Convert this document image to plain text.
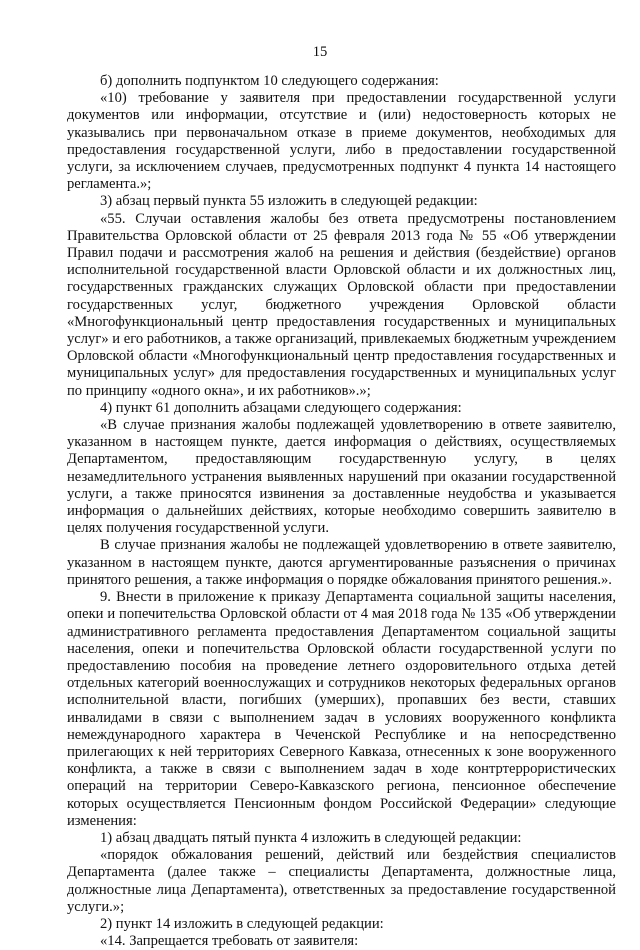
15

б) дополнить подпунктом 10 следующего содержания:

«10) требование у заявителя при предоставлении государственной услуги документов или информации, отсутствие и (или) недостоверность которых не указывались при первоначальном отказе в приеме документов, необходимых для предоставления государственной услуги, либо в предоставлении государственной услуги, за исключением случаев, предусмотренных подпункт 4 пункта 14 настоящего регламента.»;

3) абзац первый пункта 55 изложить в следующей редакции:

«55. Случаи оставления жалобы без ответа предусмотрены постановлением Правительства Орловской области от 25 февраля 2013 года № 55 «Об утверждении Правил подачи и рассмотрения жалоб на решения и действия (бездействие) органов исполнительной государственной власти Орловской области и их должностных лиц, государственных гражданских служащих Орловской области при предоставлении государственных услуг, бюджетного учреждения Орловской области «Многофункциональный центр предоставления государственных и муниципальных услуг» и его работников, а также организаций, привлекаемых бюджетным учреждением Орловской области «Многофункциональный центр предоставления государственных и муниципальных услуг» для предоставления государственных и муниципальных услуг по принципу «одного окна», и их работников».»;

4) пункт 61 дополнить абзацами следующего содержания:

«В случае признания жалобы подлежащей удовлетворению в ответе заявителю, указанном в настоящем пункте, дается информация о действиях, осуществляемых Департаментом, предоставляющим государственную услугу, в целях незамедлительного устранения выявленных нарушений при оказании государственной услуги, а также приносятся извинения за доставленные неудобства и указывается информация о дальнейших действиях, которые необходимо совершить заявителю в целях получения государственной услуги.

В случае признания жалобы не подлежащей удовлетворению в ответе заявителю, указанном в настоящем пункте, даются аргументированные разъяснения о причинах принятого решения, а также информация о порядке обжалования принятого решения.».

9. Внести в приложение к приказу Департамента социальной защиты населения, опеки и попечительства Орловской области от 4 мая 2018 года № 135 «Об утверждении административного регламента предоставления Департаментом социальной защиты населения, опеки и попечительства Орловской области государственной услуги по предоставлению пособия на проведение летнего оздоровительного отдыха детей отдельных категорий военнослужащих и сотрудников некоторых федеральных органов исполнительной власти, погибших (умерших), пропавших без вести, ставших инвалидами в связи с выполнением задач в условиях вооруженного конфликта немеждународного характера в Чеченской Республике и на непосредственно прилегающих к ней территориях Северного Кавказа, отнесенных к зоне вооруженного конфликта, а также в связи с выполнением задач в ходе контртеррористических операций на территории Северо-Кавказского региона, пенсионное обеспечение которых осуществляется Пенсионным фондом Российской Федерации» следующие изменения:

1) абзац двадцать пятый пункта 4 изложить в следующей редакции:

«порядок обжалования решений, действий или бездействия специалистов Департамента (далее также – специалисты Департамента, должностные лица, должностные лица Департамента), ответственных за предоставление государственной услуги.»;

2) пункт 14 изложить в следующей редакции:

«14. Запрещается требовать от заявителя:
